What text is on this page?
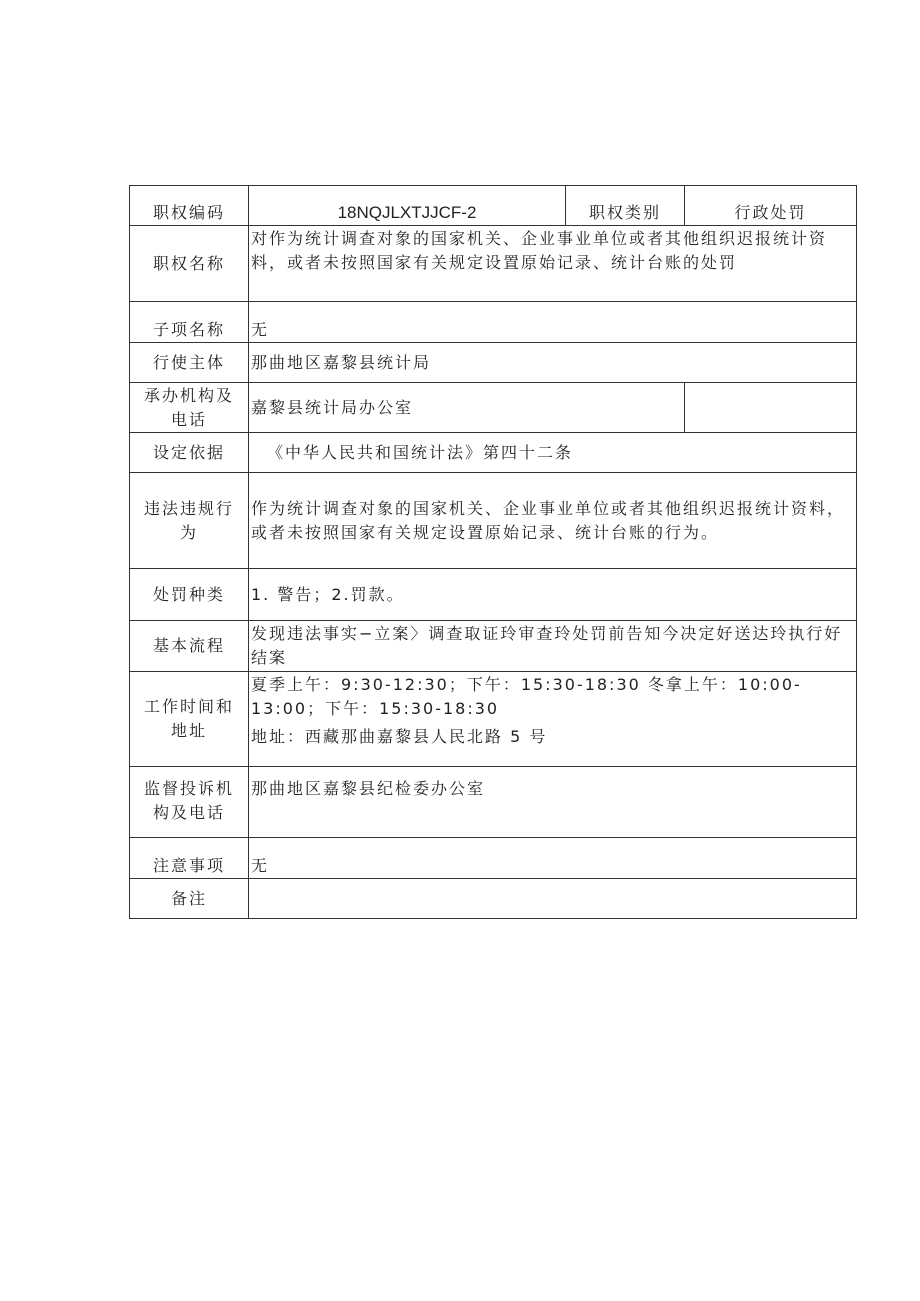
职权编码	18NQJLXTJJCF-2	职权类别	行政处罚
职权名称	对作为统计调查对象的国家机关、企业事业单位或者其他组织迟报统计资料，或者未按照国家有关规定设置原始记录、统计台账的处罚		
子项名称	无		
行使主体	那曲地区嘉黎县统计局		

承办机构及
电话	嘉黎县统计局办公室		
设定依据	《中华人民共和国统计法》第四十二条		

违法违规行
为	作为统计调查对象的国家机关、企业事业单位或者其他组织迟报统计资料，或者未按照国家有关规定设置原始记录、统计台账的行为。		
处罚种类	1. 警告；2.罚款。		
基本流程	发现违法事实−立案〉调查取证玲审查玲处罚前告知今决定好送达玲执行好结案		

工作时间和
地址	夏季上午：9:30-12:30；下午：15:30-18:30 冬拿上午：10:00-13:00；下午：15:30-18:30
地址：西藏那曲嘉黎县人民北路 5 号		

监督投诉机
构及电话	那曲地区嘉黎县纪检委办公室		
注意事项	无		
备注			
